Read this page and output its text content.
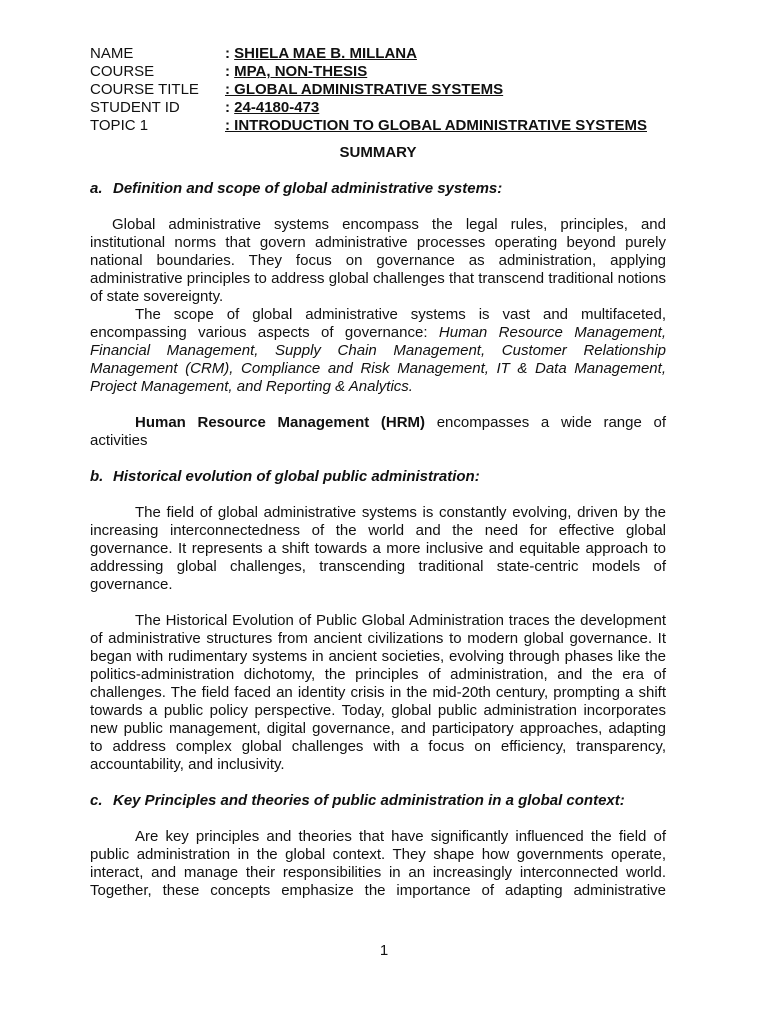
NAME	: SHIELA MAE B. MILLANA
COURSE	: MPA, NON-THESIS
COURSE TITLE	: GLOBAL ADMINISTRATIVE SYSTEMS
STUDENT ID	: 24-4180-473
TOPIC 1	: INTRODUCTION TO GLOBAL ADMINISTRATIVE SYSTEMS
SUMMARY
a. Definition and scope of global administrative systems:

Global administrative systems encompass the legal rules, principles, and institutional norms that govern administrative processes operating beyond purely national boundaries. They focus on governance as administration, applying administrative principles to address global challenges that transcend traditional notions of state sovereignty.

The scope of global administrative systems is vast and multifaceted, encompassing various aspects of governance: Human Resource Management, Financial Management, Supply Chain Management, Customer Relationship Management (CRM), Compliance and Risk Management, IT & Data Management, Project Management, and Reporting & Analytics.

Human Resource Management (HRM) encompasses a wide range of activities

b. Historical evolution of global public administration:

The field of global administrative systems is constantly evolving, driven by the increasing interconnectedness of the world and the need for effective global governance. It represents a shift towards a more inclusive and equitable approach to addressing global challenges, transcending traditional state-centric models of governance.

The Historical Evolution of Public Global Administration traces the development of administrative structures from ancient civilizations to modern global governance. It began with rudimentary systems in ancient societies, evolving through phases like the politics-administration dichotomy, the principles of administration, and the era of challenges. The field faced an identity crisis in the mid-20th century, prompting a shift towards a public policy perspective. Today, global public administration incorporates new public management, digital governance, and participatory approaches, adapting to address complex global challenges with a focus on efficiency, transparency, accountability, and inclusivity.

c. Key Principles and theories of public administration in a global context:

Are key principles and theories that have significantly influenced the field of public administration in the global context. They shape how governments operate, interact, and manage their responsibilities in an increasingly interconnected world. Together, these concepts emphasize the importance of adapting administrative

1
